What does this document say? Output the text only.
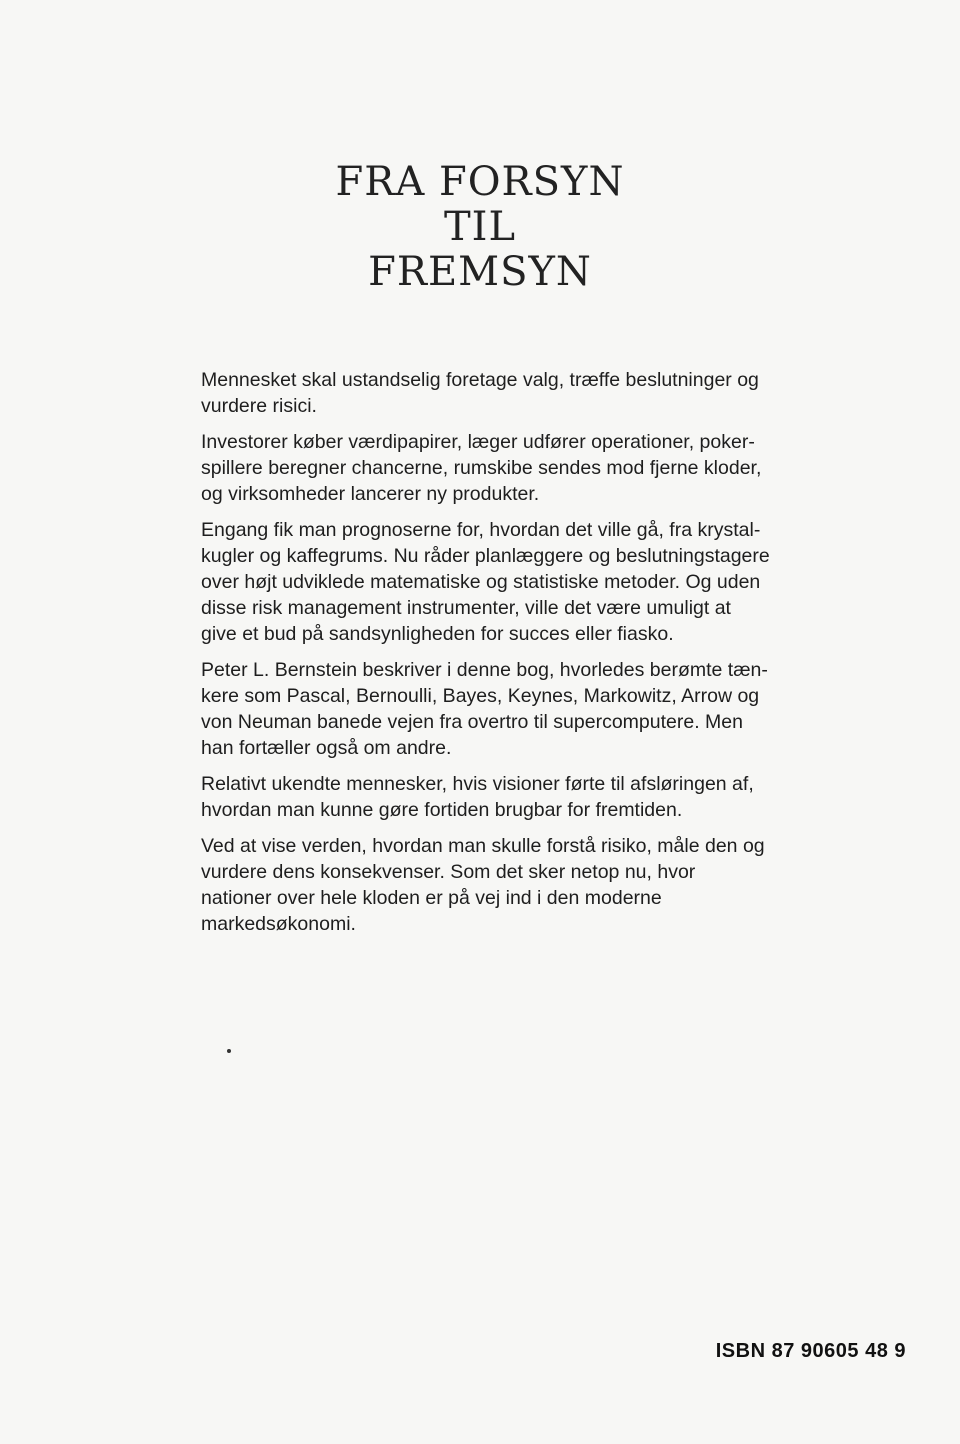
FRA FORSYN
TIL
FREMSYN

Mennesket skal ustandselig foretage valg, træffe beslutninger og vurdere risici.

Investorer køber værdipapirer, læger udfører operationer, pokerspillere beregner chancerne, rumskibe sendes mod fjerne kloder, og virksomheder lancerer ny produkter.

Engang fik man prognoserne for, hvordan det ville gå, fra krystalkugler og kaffegrums. Nu råder planlæggere og beslutningstagere over højt udviklede matematiske og statistiske metoder. Og uden disse risk management instrumenter, ville det være umuligt at give et bud på sandsynligheden for succes eller fiasko.

Peter L. Bernstein beskriver i denne bog, hvorledes berømte tænkere som Pascal, Bernoulli, Bayes, Keynes, Markowitz, Arrow og von Neuman banede vejen fra overtro til supercomputere. Men han fortæller også om andre.

Relativt ukendte mennesker, hvis visioner førte til afsløringen af, hvordan man kunne gøre fortiden brugbar for fremtiden.

Ved at vise verden, hvordan man skulle forstå risiko, måle den og vurdere dens konsekvenser. Som det sker netop nu, hvor nationer over hele kloden er på vej ind i den moderne markedsøkonomi.

ISBN 87 90605 48 9
